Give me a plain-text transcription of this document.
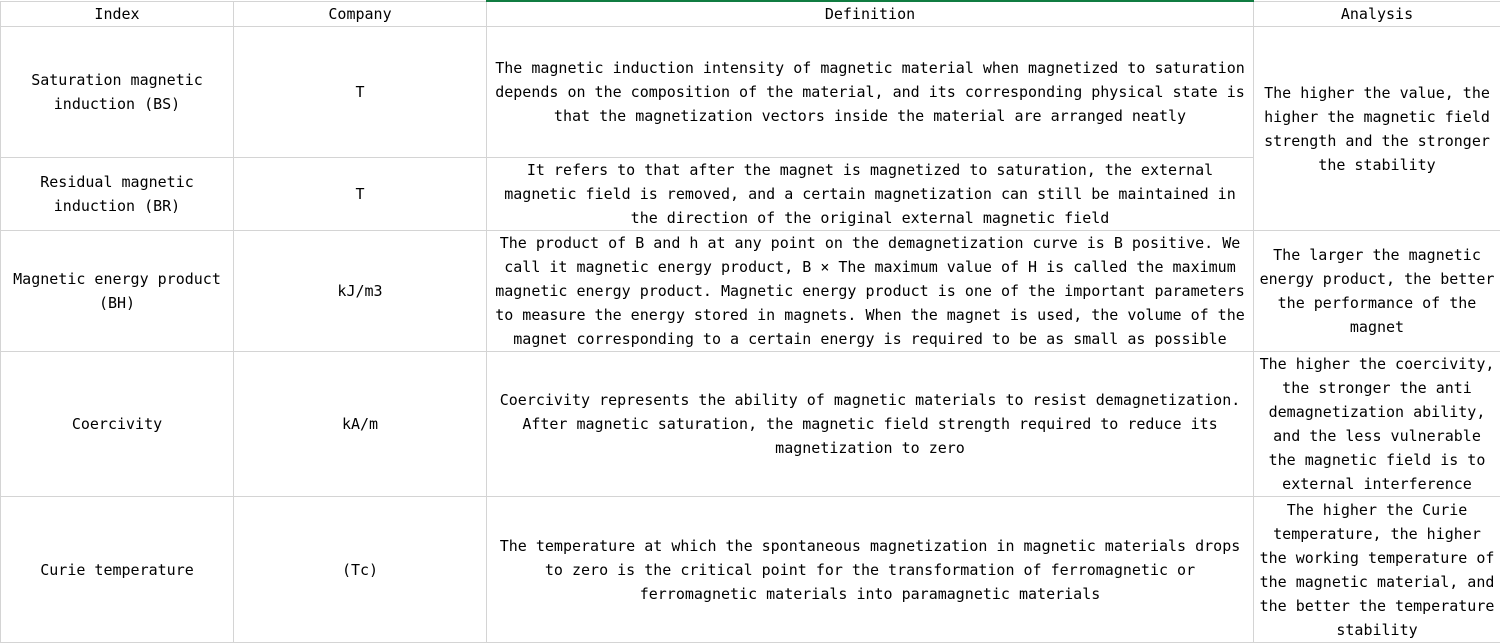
Index	Company	Definition	Analysis
Saturation magnetic induction (BS)	T	The magnetic induction intensity of magnetic material when magnetized to saturation depends on the composition of the material, and its corresponding physical state is that the magnetization vectors inside the material are arranged neatly	The higher the value, the higher the magnetic field strength and the stronger the stability
Residual magnetic induction (BR)	T	It refers to that after the magnet is magnetized to saturation, the external magnetic field is removed, and a certain magnetization can still be maintained in the direction of the original external magnetic field	
Magnetic energy product (BH)	kJ/m3	The product of B and h at any point on the demagnetization curve is B positive. We call it magnetic energy product, B × The maximum value of H is called the maximum magnetic energy product. Magnetic energy product is one of the important parameters to measure the energy stored in magnets. When the magnet is used, the volume of the magnet corresponding to a certain energy is required to be as small as possible	The larger the magnetic energy product, the better the performance of the magnet
Coercivity	kA/m	Coercivity represents the ability of magnetic materials to resist demagnetization. After magnetic saturation, the magnetic field strength required to reduce its magnetization to zero	The higher the coercivity, the stronger the anti demagnetization ability, and the less vulnerable the magnetic field is to external interference
Curie temperature	(Tc)	The temperature at which the spontaneous magnetization in magnetic materials drops to zero is the critical point for the transformation of ferromagnetic or ferromagnetic materials into paramagnetic materials	The higher the Curie temperature, the higher the working temperature of the magnetic material, and the better the temperature stability
